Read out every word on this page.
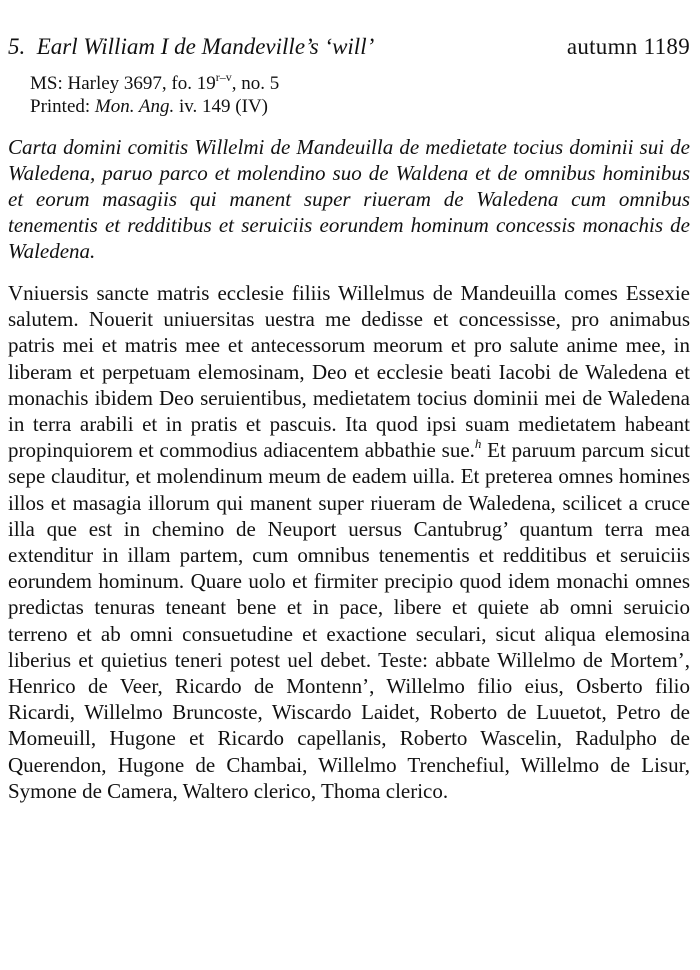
5. Earl William I de Mandeville’s ‘will’	autumn 1189
MS: Harley 3697, fo. 19$^{r-v}$, no. 5
Printed: Mon. Ang. iv. 149 (IV)
Carta domini comitis Willelmi de Mandeuilla de medietate tocius dominii sui de Waledena, paruo parco et molendino suo de Waldena et de omnibus hominibus et eorum masagiis qui manent super riueram de Waledena cum omnibus tenementis et redditibus et seruiciis eorundem hominum concessis monachis de Waledena.
Vniuersis sancte matris ecclesie filiis Willelmus de Mandeuilla comes Essexie salutem. Nouerit uniuersitas uestra me dedisse et concessisse, pro animabus patris mei et matris mee et antecessorum meorum et pro salute anime mee, in liberam et perpetuam elemosinam, Deo et ecclesie beati Iacobi de Waledena et monachis ibidem Deo seruientibus, medietatem tocius dominii mei de Waledena in terra arabili et in pratis et pascuis. Ita quod ipsi suam medietatem habeant propinquiorem et commodius adiacentem abbathie sue.$^h$ Et paruum parcum sicut sepe clauditur, et molendinum meum de eadem uilla. Et preterea omnes homines illos et masagia illorum qui manent super riueram de Waledena, scilicet a cruce illa que est in chemino de Neuport uersus Cantubrug’ quantum terra mea extenditur in illam partem, cum omnibus tenementis et redditibus et seruiciis eorundem hominum. Quare uolo et firmiter precipio quod idem monachi omnes predictas tenuras teneant bene et in pace, libere et quiete ab omni seruicio terreno et ab omni consuetudine et exactione seculari, sicut aliqua elemosina liberius et quietius teneri potest uel debet. Teste: abbate Willelmo de Mortem’, Henrico de Veer, Ricardo de Montenn’, Willelmo filio eius, Osberto filio Ricardi, Willelmo Bruncoste, Wiscardo Laidet, Roberto de Luuetot, Petro de Momeuill, Hugone et Ricardo capellanis, Roberto Wascelin, Radulpho de Querendon, Hugone de Chambai, Willelmo Trenchefiul, Willelmo de Lisur, Symone de Camera, Waltero clerico, Thoma clerico.
